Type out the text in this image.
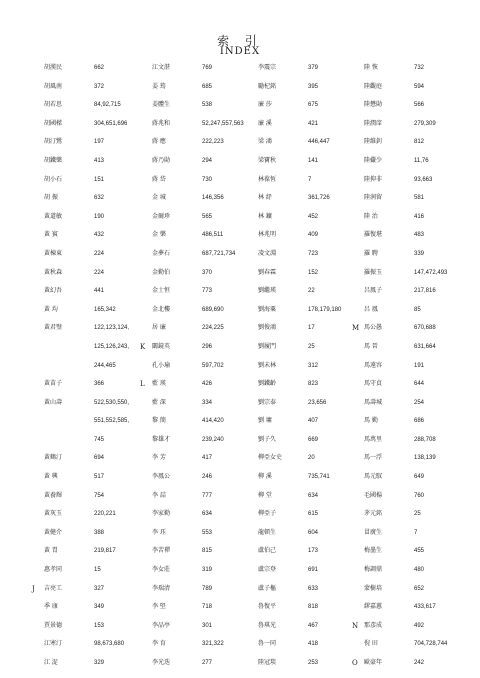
索 引
INDEX
胡漢民	662
胡風南	372
胡若思	84,92,715
胡國樑	304,651,696
胡汀鷺	197
胡鐵樂	413
胡小石	151
胡 振	632
黃道敏	190
黃 賓	432
黃棟東	224
黃秋森	224
黃幻吾	441
黃 均	165,342
黃君璧	122,123,124,
125,126,243,
244,465
黃苗子	366
黃山壽	522,530,550,
551,552,585,
745
黃鶴汀	694
黃 興	517
黃養輝	754
黃灰玉	220,221
黃健介	388
黃 胄	219,817
惠孝同	15
J 吉亮工	327
季 康	349
賈景德	153
江寒汀	98,673,680
江 浞	329
江文湛	769
姜 筠	685
姜體生	538
蔣兆和	52,247,557,563
蔣 應	222,223
蔣乃勛	294
蔣 岱	730
金 城	146,356
金爾珍	565
金 樂	486,511
金夢石	687,721,734
金勤伯	370
金士恒	773
金北樓	689,690
居 廉	224,225
K 闞鏡英	296
孔小瑜	597,702
L 藍 瑛	426
藍 深	334
黎 簡	414,420
黎雄才	239,240
李 芳	417
李鳳公	246
李 詰	777
李家勤	634
李 珏	553
李苦禪	815
李女莊	319
李瑞清	789
李 堅	718
李品亭	301
李 育	321,322
李光迭	277
李震宗	379
勵杞銘	395
廉 莎	675
廉 溪	421
梁 鴻	446,447
梁寶秋	141
林葆恆	7
林 紓	361,726
林 鑛	452
林兆明	409
凌文淵	723
劉春霖	152
劉繼瑛	22
劉海粟	178,179,180
劉俊鴻	17
劉履門	25
劉未林	312
劉鐵齡	823
劉宗泰	23,656
劉 墉	407
劉子久	669
柳亞女史	20
柳 溪	735,741
柳 堂	634
柳亞子	615
龍頓生	604
盧伯己	173
盧宗登	691
盧子樞	633
魯復平	818
魯琪光	467
魯一同	418
陸冠琰	253
陸 恢	732
陸觀庭	594
陸懋勛	566
陸潤庠	279,309
陸維釗	812
陸儼少	11,76
陸抑非	93,663
陸润留	581
陸 治	416
羅復堪	483
羅 聘	339
羅振玉	147,472,493
呂鳳子	217,816
呂 鳳	85
M 馬公愚	670,688
馬 晉	631,664
馬遠容	191
馬守貞	644
馬壽城	254
馬 勤	686
馬萬里	288,708
馬一浮	138,139
馬元馭	649
毛國楊	760
茅元銘	25
冒廣生	7
梅墨生	455
梅調鼎	480
蒙樹培	652
繆嘉蕙	433,617
N 那彥成	492
倪 田	704,728,744
O 歐豪年	242
